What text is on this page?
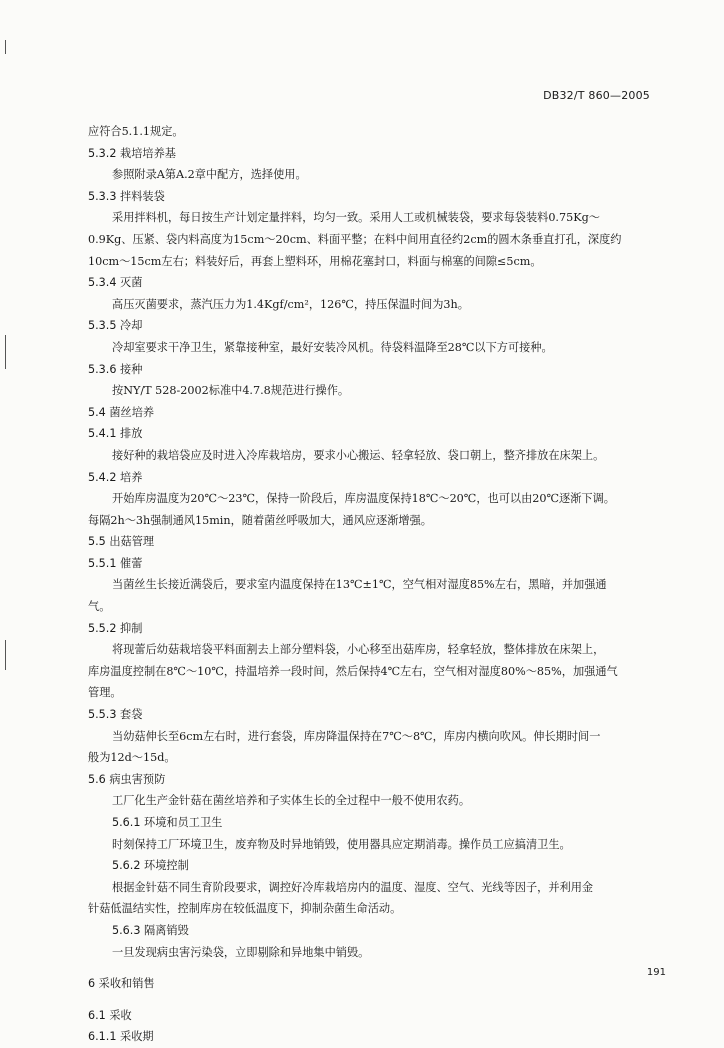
DB32/T 860—2005
应符合5.1.1规定。
5.3.2 栽培培养基
参照附录A第A.2章中配方，选择使用。
5.3.3 拌料装袋
采用拌料机，每日按生产计划定量拌料，均匀一致。采用人工或机械装袋，要求每袋装料0.75Kg～
0.9Kg、压紧、袋内料高度为15cm～20cm、料面平整；在料中间用直径约2cm的圆木条垂直打孔，深度约
10cm～15cm左右；料装好后，再套上塑料环，用棉花塞封口，料面与棉塞的间隙≤5cm。
5.3.4 灭菌
高压灭菌要求，蒸汽压力为1.4Kgf/cm²，126℃，持压保温时间为3h。
5.3.5 冷却
冷却室要求干净卫生，紧靠接种室，最好安装冷风机。待袋料温降至28℃以下方可接种。
5.3.6 接种
按NY/T 528-2002标准中4.7.8规范进行操作。
5.4 菌丝培养
5.4.1 排放
接好种的栽培袋应及时进入冷库栽培房，要求小心搬运、轻拿轻放、袋口朝上，整齐排放在床架上。
5.4.2 培养
开始库房温度为20℃～23℃，保持一阶段后，库房温度保持18℃～20℃，也可以由20℃逐渐下调。
每隔2h～3h强制通风15min，随着菌丝呼吸加大，通风应逐渐增强。
5.5 出菇管理
5.5.1 催蕾
当菌丝生长接近满袋后，要求室内温度保持在13℃±1℃，空气相对湿度85%左右，黑暗，并加强通
气。
5.5.2 抑制
将现蕾后幼菇栽培袋平料面割去上部分塑料袋，小心移至出菇库房，轻拿轻放，整体排放在床架上，
库房温度控制在8℃～10℃，持温培养一段时间，然后保持4℃左右，空气相对湿度80%～85%，加强通气
管理。
5.5.3 套袋
当幼菇伸长至6cm左右时，进行套袋，库房降温保持在7℃～8℃，库房内横向吹风。伸长期时间一
般为12d～15d。
5.6 病虫害预防
工厂化生产金针菇在菌丝培养和子实体生长的全过程中一般不使用农药。
5.6.1 环境和员工卫生
时刻保持工厂环境卫生，废弃物及时异地销毁，使用器具应定期消毒。操作员工应搞清卫生。
5.6.2 环境控制
根据金针菇不同生育阶段要求，调控好冷库栽培房内的温度、湿度、空气、光线等因子，并利用金
针菇低温结实性，控制库房在较低温度下，抑制杂菌生命活动。
5.6.3 隔离销毁
一旦发现病虫害污染袋，立即剔除和异地集中销毁。
6 采收和销售
6.1 采收
6.1.1 采收期
191
